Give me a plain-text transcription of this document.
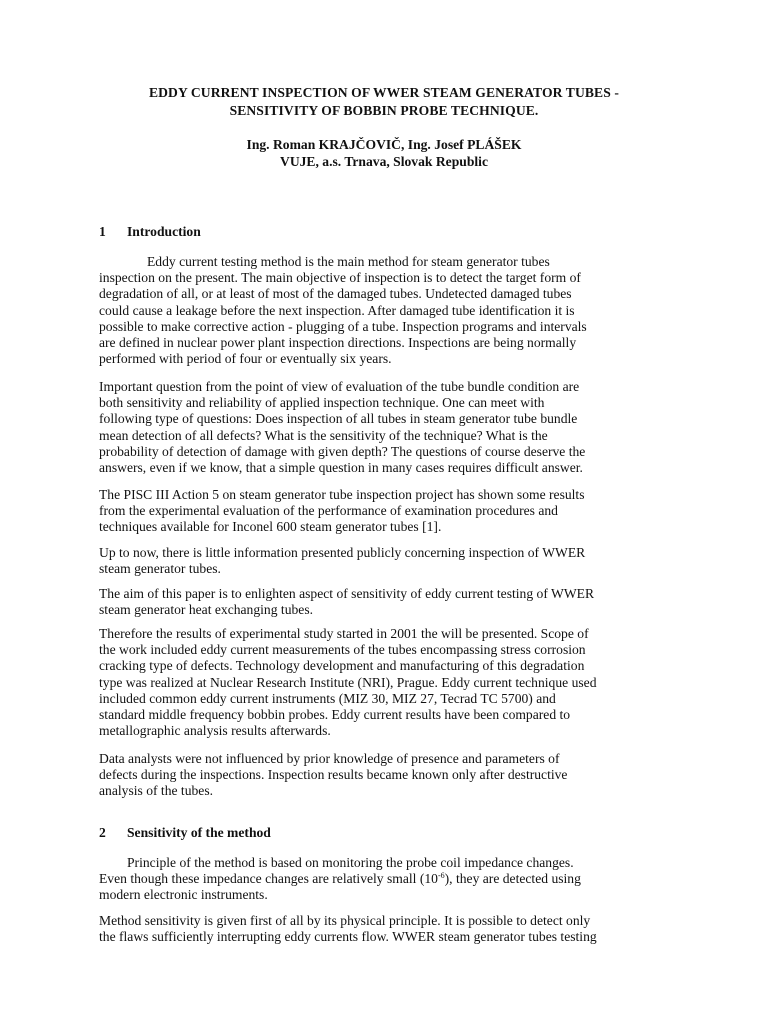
EDDY CURRENT INSPECTION OF WWER STEAM GENERATOR TUBES -
SENSITIVITY OF BOBBIN PROBE TECHNIQUE.
Ing. Roman KRAJČOVIČ, Ing. Josef PLÁŠEK
VUJE, a.s. Trnava, Slovak Republic
1 Introduction
Eddy current testing method is the main method for steam generator tubes
inspection on the present. The main objective of inspection is to detect the target form of
degradation of all, or at least of most of the damaged tubes. Undetected damaged tubes
could cause a leakage before the next inspection. After damaged tube identification it is
possible to make corrective action - plugging of a tube. Inspection programs and intervals
are defined in nuclear power plant inspection directions. Inspections are being normally
performed with period of four or eventually six years.
Important question from the point of view of evaluation of the tube bundle condition are
both sensitivity and reliability of applied inspection technique. One can meet with
following type of questions: Does inspection of all tubes in steam generator tube bundle
mean detection of all defects? What is the sensitivity of the technique? What is the
probability of detection of damage with given depth? The questions of course deserve the
answers, even if we know, that a simple question in many cases requires difficult answer.
The PISC III Action 5 on steam generator tube inspection project has shown some results
from the experimental evaluation of the performance of examination procedures and
techniques available for Inconel 600 steam generator tubes [1].
Up to now, there is little information presented publicly concerning inspection of WWER
steam generator tubes.
The aim of this paper is to enlighten aspect of sensitivity of eddy current testing of WWER
steam generator heat exchanging tubes.
Therefore the results of experimental study started in 2001 the will be presented. Scope of
the work included eddy current measurements of the tubes encompassing stress corrosion
cracking type of defects. Technology development and manufacturing of this degradation
type was realized at Nuclear Research Institute (NRI), Prague. Eddy current technique used
included common eddy current instruments (MIZ 30, MIZ 27, Tecrad TC 5700) and
standard middle frequency bobbin probes. Eddy current results have been compared to
metallographic analysis results afterwards.
Data analysts were not influenced by prior knowledge of presence and parameters of
defects during the inspections. Inspection results became known only after destructive
analysis of the tubes.
2 Sensitivity of the method
Principle of the method is based on monitoring the probe coil impedance changes.
Even though these impedance changes are relatively small $(10^{-6})$, they are detected using
modern electronic instruments.
Method sensitivity is given first of all by its physical principle. It is possible to detect only
the flaws sufficiently interrupting eddy currents flow. WWER steam generator tubes testing
